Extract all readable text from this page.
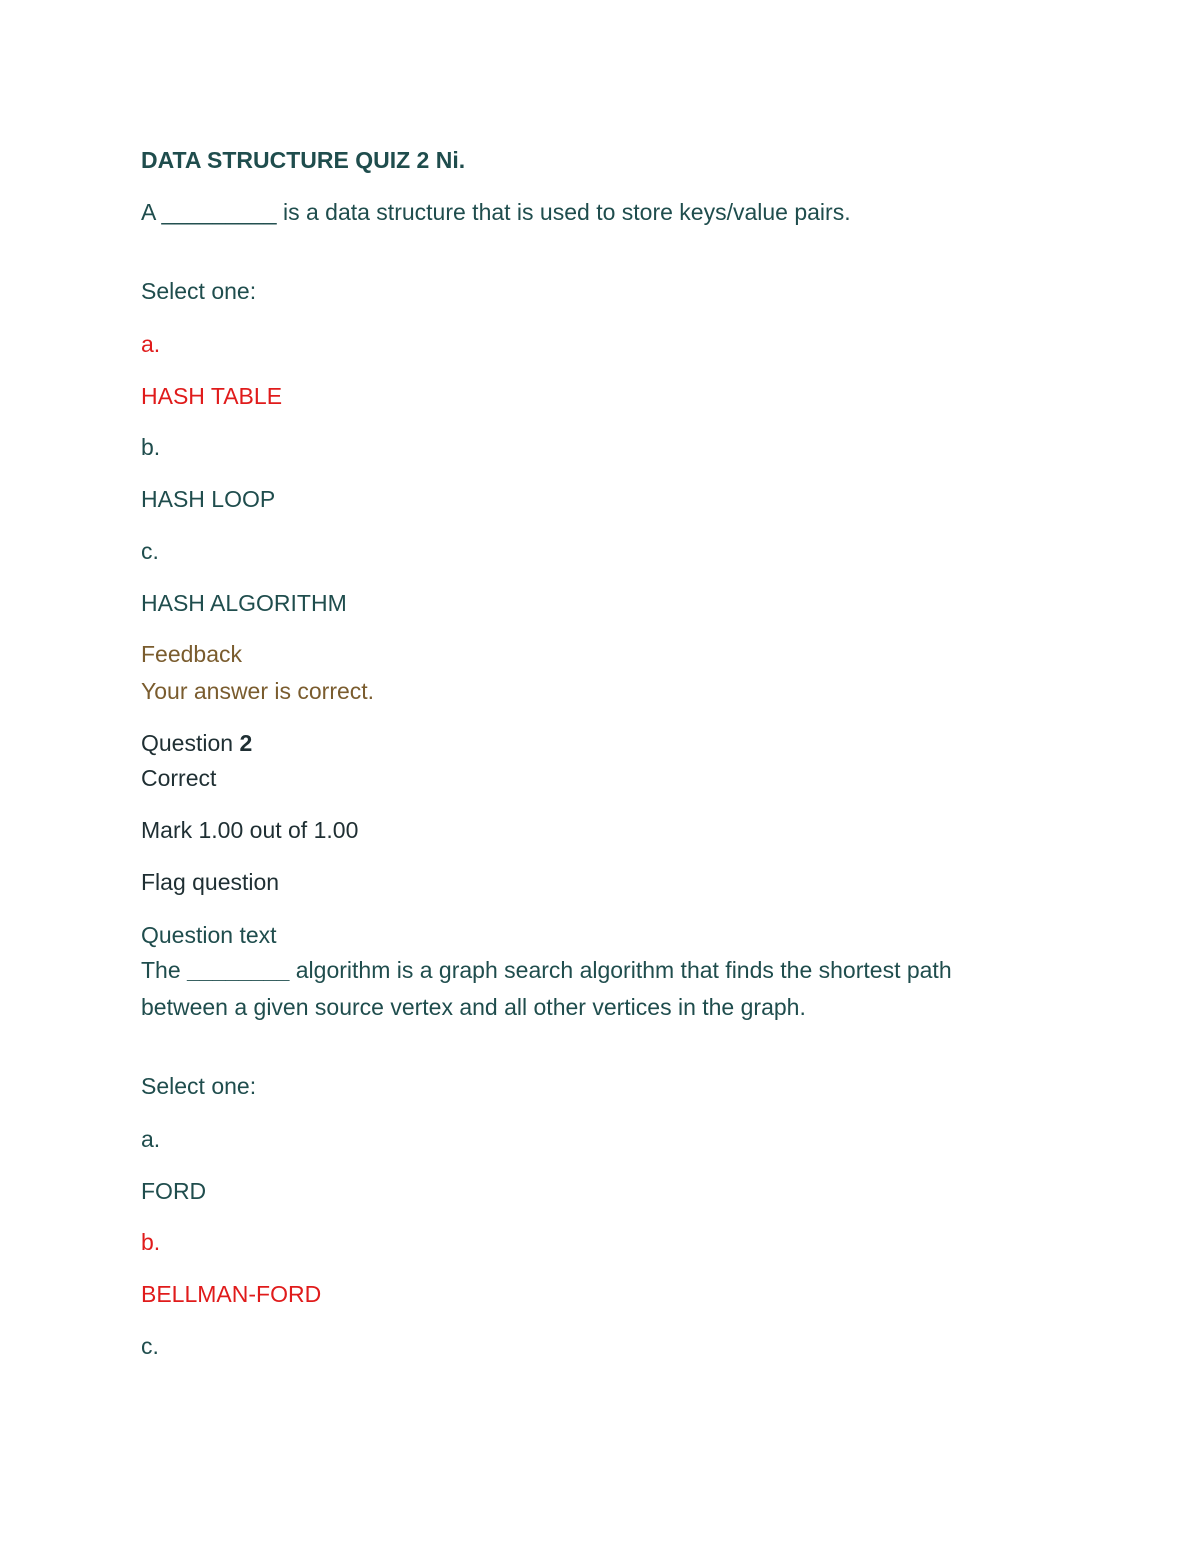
DATA STRUCTURE QUIZ 2 Ni.
A _________ is a data structure that is used to store keys/value pairs.
Select one:
a.
HASH TABLE
b.
HASH LOOP
c.
HASH ALGORITHM
Feedback
Your answer is correct.
Question 2
Correct
Mark 1.00 out of 1.00
Flag question
Question text
The ________ algorithm is a graph search algorithm that finds the shortest path
between a given source vertex and all other vertices in the graph.
Select one:
a.
FORD
b.
BELLMAN-FORD
c.
